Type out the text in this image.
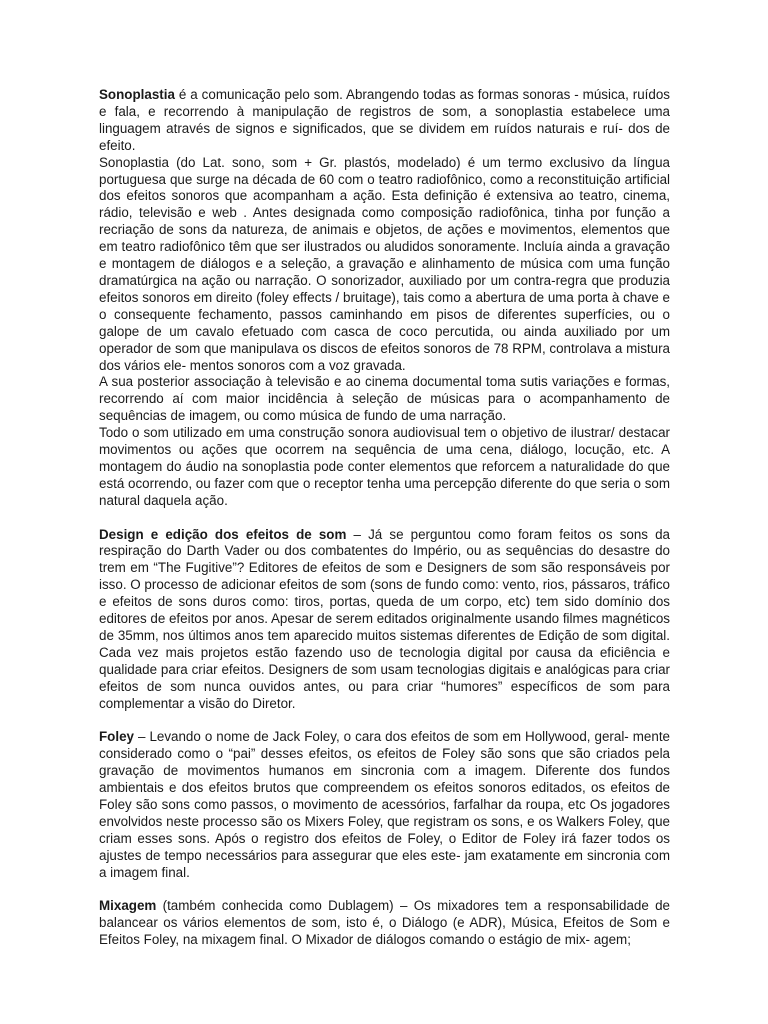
Sonoplastia é a comunicação pelo som. Abrangendo todas as formas sonoras - música, ruídos e fala, e recorrendo à manipulação de registros de som, a sonoplastia estabelece uma linguagem através de signos e significados, que se dividem em ruídos naturais e ruí- dos de efeito.

Sonoplastia (do Lat. sono, som + Gr. plastós, modelado) é um termo exclusivo da língua portuguesa que surge na década de 60 com o teatro radiofônico, como a reconstituição artificial dos efeitos sonoros que acompanham a ação. Esta definição é extensiva ao teatro, cinema, rádio, televisão e web . Antes designada como composição radiofônica, tinha por função a recriação de sons da natureza, de animais e objetos, de ações e movimentos, elementos que em teatro radiofônico têm que ser ilustrados ou aludidos sonoramente. Incluía ainda a gravação e montagem de diálogos e a seleção, a gravação e alinhamento de música com uma função dramatúrgica na ação ou narração. O sonorizador, auxiliado por um contra-regra que produzia efeitos sonoros em direito (foley effects / bruitage), tais como a abertura de uma porta à chave e o consequente fechamento, passos caminhando em pisos de diferentes superfícies, ou o galope de um cavalo efetuado com casca de coco percutida, ou ainda auxiliado por um operador de som que manipulava os discos de efeitos sonoros de 78 RPM, controlava a mistura dos vários ele- mentos sonoros com a voz gravada.

A sua posterior associação à televisão e ao cinema documental toma sutis variações e formas, recorrendo aí com maior incidência à seleção de músicas para o acompanhamento de sequências de imagem, ou como música de fundo de uma narração.

Todo o som utilizado em uma construção sonora audiovisual tem o objetivo de ilustrar/ destacar movimentos ou ações que ocorrem na sequência de uma cena, diálogo, locução, etc. A montagem do áudio na sonoplastia pode conter elementos que reforcem a naturalidade do que está ocorrendo, ou fazer com que o receptor tenha uma percepção diferente do que seria o som natural daquela ação.

Design e edição dos efeitos de som – Já se perguntou como foram feitos os sons da respiração do Darth Vader ou dos combatentes do Império, ou as sequências do desastre do trem em “The Fugitive”? Editores de efeitos de som e Designers de som são responsáveis por isso. O processo de adicionar efeitos de som (sons de fundo como: vento, rios, pássaros, tráfico e efeitos de sons duros como: tiros, portas, queda de um corpo, etc) tem sido domínio dos editores de efeitos por anos. Apesar de serem editados originalmente usando filmes magnéticos de 35mm, nos últimos anos tem aparecido muitos sistemas diferentes de Edição de som digital. Cada vez mais projetos estão fazendo uso de tecnologia digital por causa da eficiência e qualidade para criar efeitos. Designers de som usam tecnologias digitais e analógicas para criar efeitos de som nunca ouvidos antes, ou para criar “humores” específicos de som para complementar a visão do Diretor.

Foley – Levando o nome de Jack Foley, o cara dos efeitos de som em Hollywood, geral- mente considerado como o “pai” desses efeitos, os efeitos de Foley são sons que são criados pela gravação de movimentos humanos em sincronia com a imagem. Diferente dos fundos ambientais e dos efeitos brutos que compreendem os efeitos sonoros editados, os efeitos de Foley são sons como passos, o movimento de acessórios, farfalhar da roupa, etc Os jogadores envolvidos neste processo são os Mixers Foley, que registram os sons, e os Walkers Foley, que criam esses sons. Após o registro dos efeitos de Foley, o Editor de Foley irá fazer todos os ajustes de tempo necessários para assegurar que eles este- jam exatamente em sincronia com a imagem final.

Mixagem (também conhecida como Dublagem) – Os mixadores tem a responsabilidade de balancear os vários elementos de som, isto é, o Diálogo (e ADR), Música, Efeitos de Som e Efeitos Foley, na mixagem final. O Mixador de diálogos comando o estágio de mix- agem;
